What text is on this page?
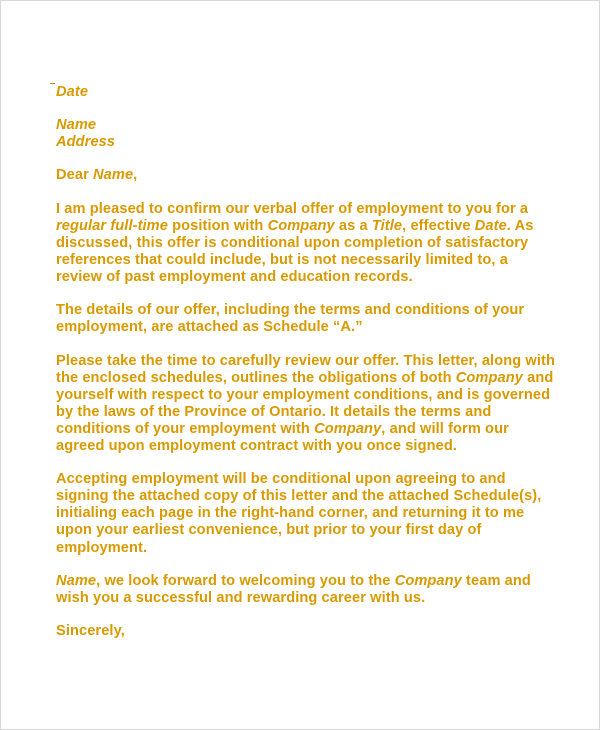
Date
Name
Address
Dear Name,
I am pleased to confirm our verbal offer of employment to you for a
regular full-time position with Company as a Title, effective Date. As
discussed, this offer is conditional upon completion of satisfactory
references that could include, but is not necessarily limited to, a
review of past employment and education records.
The details of our offer, including the terms and conditions of your
employment, are attached as Schedule “A.”
Please take the time to carefully review our offer. This letter, along with
the enclosed schedules, outlines the obligations of both Company and
yourself with respect to your employment conditions, and is governed
by the laws of the Province of Ontario. It details the terms and
conditions of your employment with Company, and will form our
agreed upon employment contract with you once signed.
Accepting employment will be conditional upon agreeing to and
signing the attached copy of this letter and the attached Schedule(s),
initialing each page in the right-hand corner, and returning it to me
upon your earliest convenience, but prior to your first day of
employment.
Name, we look forward to welcoming you to the Company team and
wish you a successful and rewarding career with us.
Sincerely,
